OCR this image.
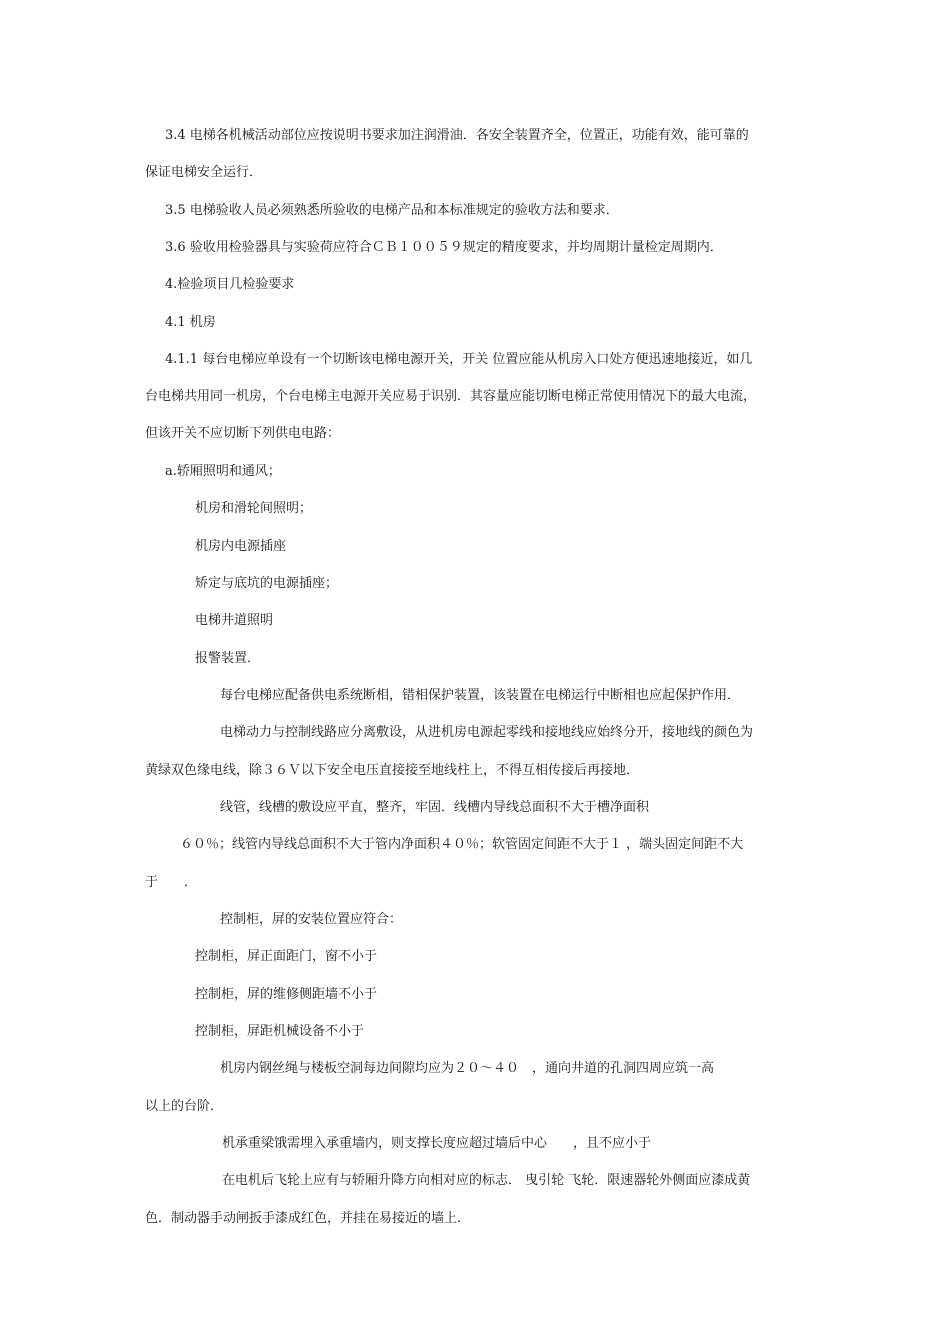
3.4 电梯各机械活动部位应按说明书要求加注润滑油．各安全装置齐全，位置正，功能有效，能可靠的
保证电梯安全运行．
3.5 电梯验收人员必须熟悉所验收的电梯产品和本标准规定的验收方法和要求．
3.6 验收用检验器具与实验荷应符合ＣＢ１００５９规定的精度要求，并均周期计量检定周期内．
4.检验项目几检验要求
4.1 机房
4.1.1 每台电梯应单设有一个切断该电梯电源开关，开关 位置应能从机房入口处方便迅速地接近，如几
台电梯共用同一机房，个台电梯主电源开关应易于识别．其容量应能切断电梯正常使用情况下的最大电流，
但该开关不应切断下列供电电路：
a.轿厢照明和通风；
机房和滑轮间照明；
机房内电源插座
矫定与底坑的电源插座；
电梯井道照明
报警装置．
每台电梯应配备供电系统断相，错相保护装置，该装置在电梯运行中断相也应起保护作用．
电梯动力与控制线路应分离敷设，从进机房电源起零线和接地线应始终分开，接地线的颜色为
黄绿双色缘电线，除３６Ｖ以下安全电压直接接至地线柱上，不得互相传接后再接地．
线管，线槽的敷设应平直，整齐，牢固．线槽内导线总面积不大于槽净面积
６０％；线管内导线总面积不大于管内净面积４０％；软管固定间距不大于１ ，端头固定间距不大
于　　．
控制柜，屏的安装位置应符合：
控制柜，屏正面距门，窗不小于
控制柜，屏的维修侧距墙不小于
控制柜，屏距机械设备不小于
机房内钢丝绳与楼板空洞每边间隙均应为２０～４０　，通向井道的孔洞四周应筑一高
以上的台阶．
机承重梁饿需埋入承重墙内，则支撑长度应超过墙后中心　　，且不应小于
在电机后飞轮上应有与轿厢升降方向相对应的标志． 曳引轮 飞轮．限速器轮外侧面应漆成黄
色．制动器手动闸扳手漆成红色，并挂在易接近的墙上．
